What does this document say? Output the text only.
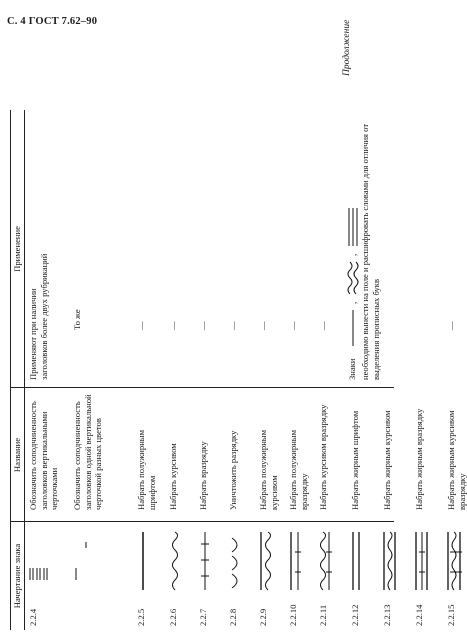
С. 4 ГОСТ 7.62–90	Продолжение
Начертание знака
Название
Применение
2.2.4
Обозначить соподчиненность заголовков вертикальными черточками
Применяют при наличии заголовков более двух рубрикаций
Обозначить соподчиненность заголовков одной вертикальной черточкой разных цветов
То же
2.2.5
Набрать полужирным шрифтом
—
2.2.6
Набрать курсивом
—
2.2.7
Набрать вразрядку
—
2.2.8
Уничтожить разрядку
—
2.2.9
Набрать полужирным курсивом
—
2.2.10
Набрать полужирным вразрядку
—
2.2.11
Набрать курсивом вразрядку
—
2.2.12
Набрать жирным шрифтом
Знаки
,
, необходимо вынести на поле и расшифровать словами для отличия от выделения прописных букв
2.2.13
Набрать жирным курсивом
2.2.14
Набрать жирным вразрядку
2.2.15
Набрать жирным курсивом вразрядку
—
